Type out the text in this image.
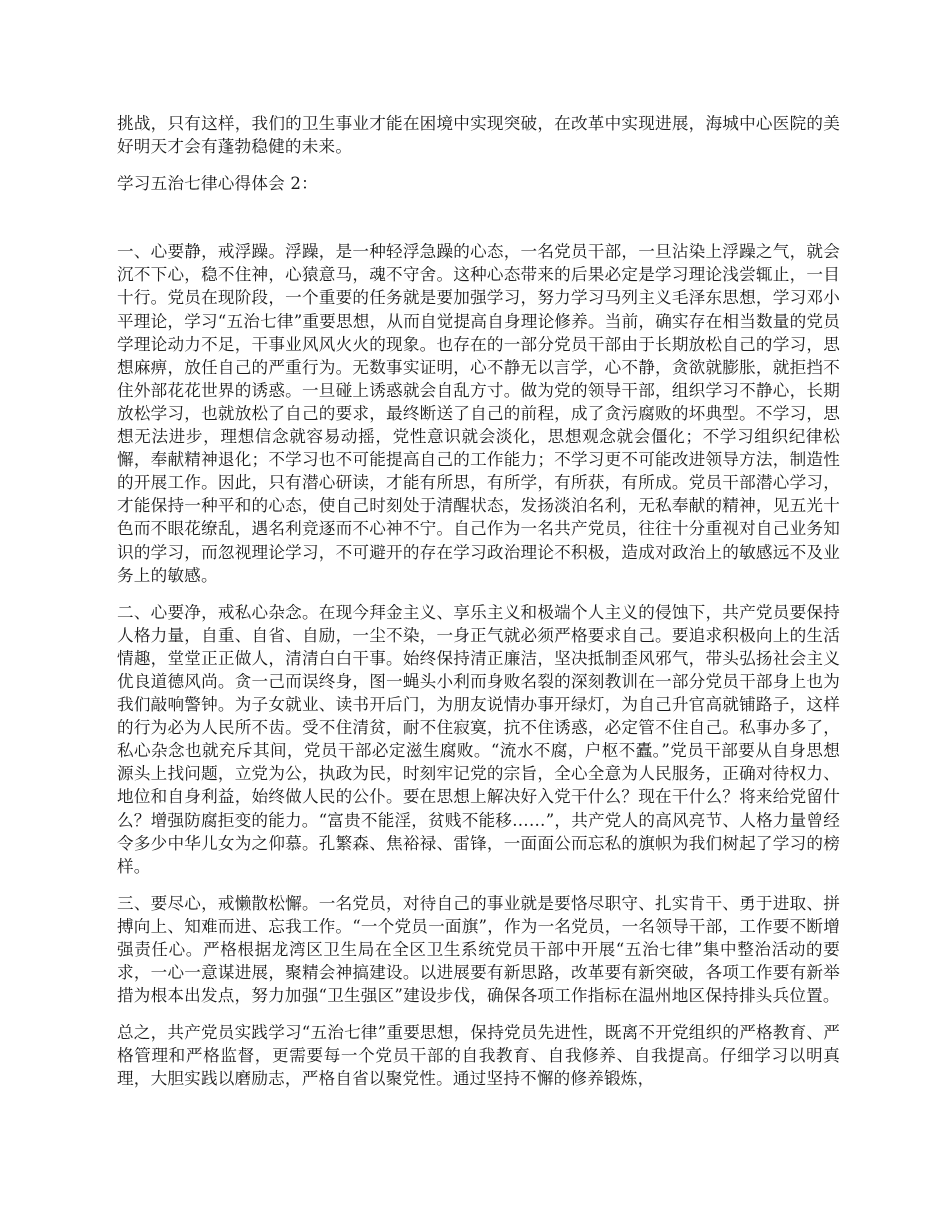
挑战，只有这样，我们的卫生事业才能在困境中实现突破，在改革中实现进展，海城中心医院的美好明天才会有蓬勃稳健的未来。

学习五治七律心得体会 2：

一、心要静，戒浮躁。浮躁，是一种轻浮急躁的心态，一名党员干部，一旦沾染上浮躁之气，就会沉不下心，稳不住神，心猿意马，魂不守舍。这种心态带来的后果必定是学习理论浅尝辄止，一目十行。党员在现阶段，一个重要的任务就是要加强学习，努力学习马列主义毛泽东思想，学习邓小平理论，学习“五治七律”重要思想，从而自觉提高自身理论修养。当前，确实存在相当数量的党员学理论动力不足，干事业风风火火的现象。也存在的一部分党员干部由于长期放松自己的学习，思想麻痹，放任自己的严重行为。无数事实证明，心不静无以言学，心不静，贪欲就膨胀，就拒挡不住外部花花世界的诱惑。一旦碰上诱惑就会自乱方寸。做为党的领导干部，组织学习不静心，长期放松学习，也就放松了自己的要求，最终断送了自己的前程，成了贪污腐败的坏典型。不学习，思想无法进步，理想信念就容易动摇，党性意识就会淡化，思想观念就会僵化；不学习组织纪律松懈，奉献精神退化；不学习也不可能提高自己的工作能力；不学习更不可能改进领导方法，制造性的开展工作。因此，只有潜心研读，才能有所思，有所学，有所获，有所成。党员干部潜心学习，才能保持一种平和的心态，使自己时刻处于清醒状态，发扬淡泊名利，无私奉献的精神，见五光十色而不眼花缭乱，遇名利竞逐而不心神不宁。自己作为一名共产党员，往往十分重视对自己业务知识的学习，而忽视理论学习，不可避开的存在学习政治理论不积极，造成对政治上的敏感远不及业务上的敏感。

二、心要净，戒私心杂念。在现今拜金主义、享乐主义和极端个人主义的侵蚀下，共产党员要保持人格力量，自重、自省、自励，一尘不染，一身正气就必须严格要求自己。要追求积极向上的生活情趣，堂堂正正做人，清清白白干事。始终保持清正廉洁，坚决抵制歪风邪气，带头弘扬社会主义优良道德风尚。贪一己而误终身，图一蝇头小利而身败名裂的深刻教训在一部分党员干部身上也为我们敲响警钟。为子女就业、读书开后门，为朋友说情办事开绿灯，为自己升官高就铺路子，这样的行为必为人民所不齿。受不住清贫，耐不住寂寞，抗不住诱惑，必定管不住自己。私事办多了，私心杂念也就充斥其间，党员干部必定滋生腐败。“流水不腐，户枢不蠹。”党员干部要从自身思想源头上找问题，立党为公，执政为民，时刻牢记党的宗旨，全心全意为人民服务，正确对待权力、地位和自身利益，始终做人民的公仆。要在思想上解决好入党干什么？现在干什么？将来给党留什么？增强防腐拒变的能力。“富贵不能淫，贫贱不能移……”，共产党人的高风亮节、人格力量曾经令多少中华儿女为之仰慕。孔繁森、焦裕禄、雷锋，一面面公而忘私的旗帜为我们树起了学习的榜样。

三、要尽心，戒懒散松懈。一名党员，对待自己的事业就是要恪尽职守、扎实肯干、勇于进取、拼搏向上、知难而进、忘我工作。“一个党员一面旗”，作为一名党员，一名领导干部，工作要不断增强责任心。严格根据龙湾区卫生局在全区卫生系统党员干部中开展“五治七律”集中整治活动的要求，一心一意谋进展，聚精会神搞建设。以进展要有新思路，改革要有新突破，各项工作要有新举措为根本出发点，努力加强“卫生强区”建设步伐，确保各项工作指标在温州地区保持排头兵位置。

总之，共产党员实践学习“五治七律”重要思想，保持党员先进性，既离不开党组织的严格教育、严格管理和严格监督，更需要每一个党员干部的自我教育、自我修养、自我提高。仔细学习以明真理，大胆实践以磨励志，严格自省以聚党性。通过坚持不懈的修养锻炼，
